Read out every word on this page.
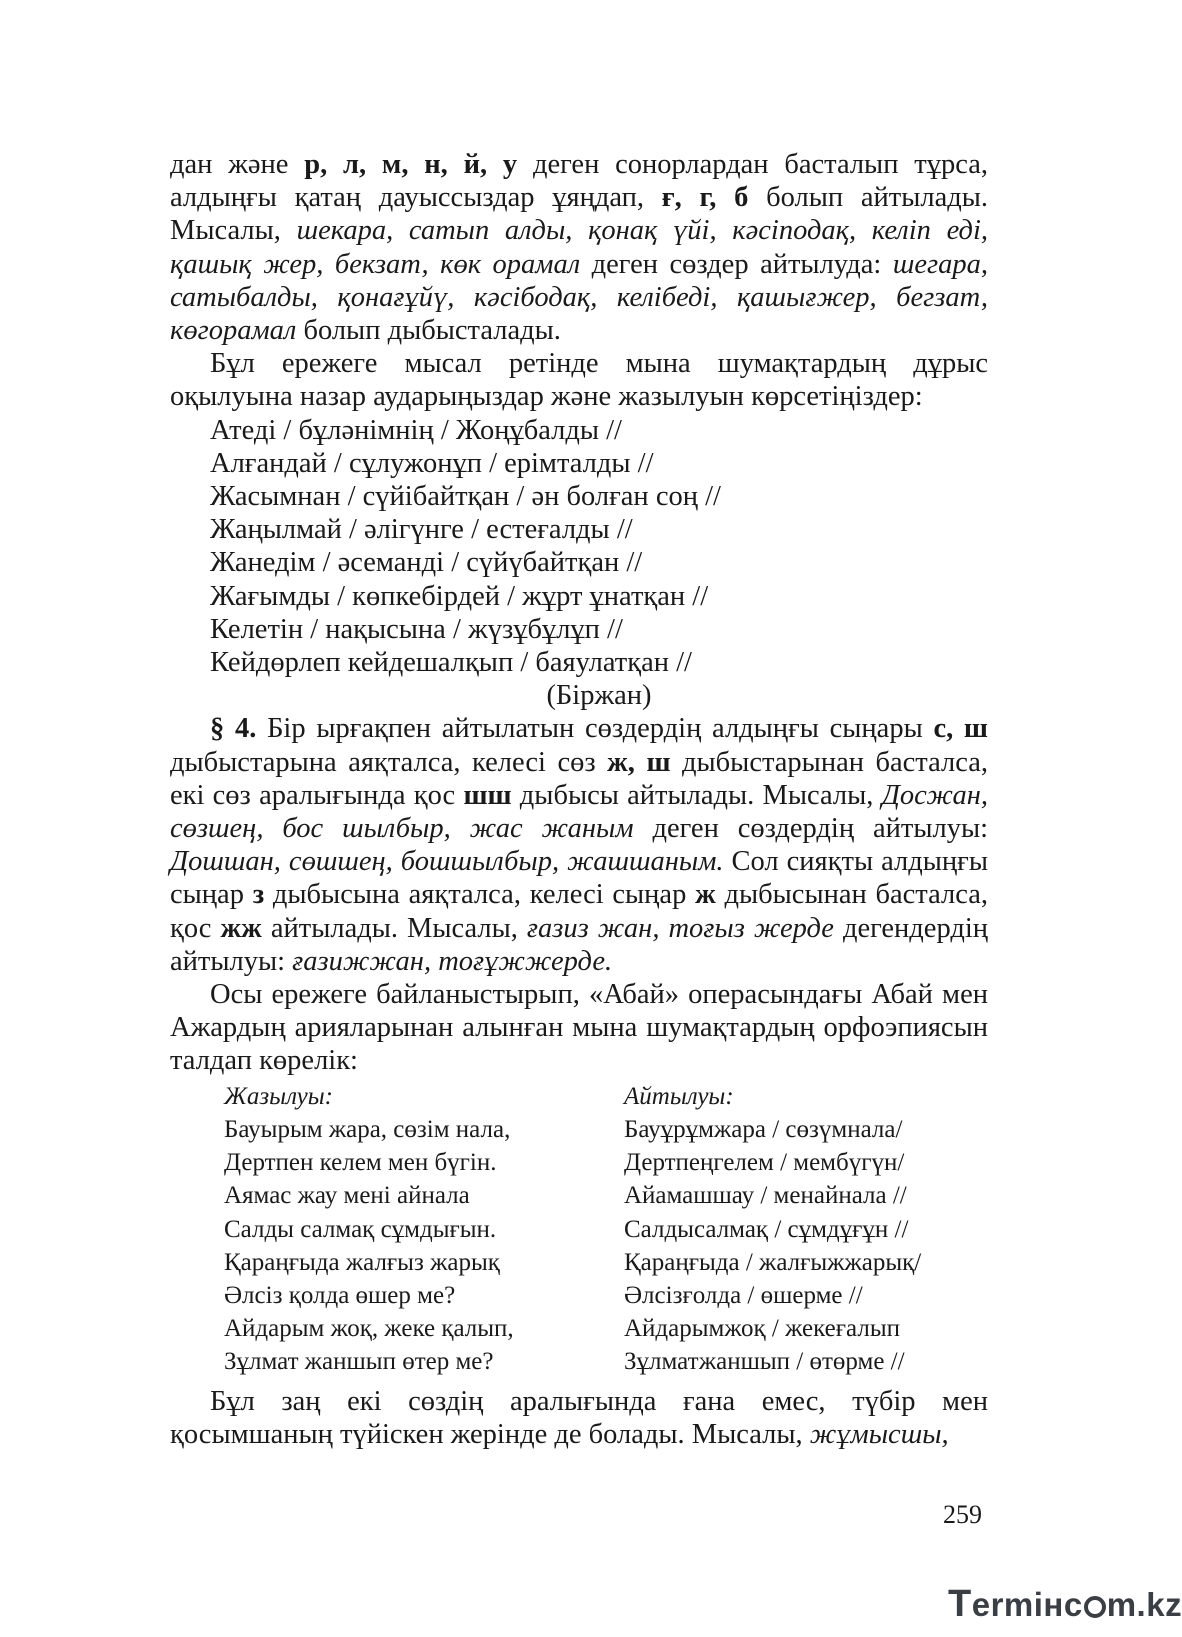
дан және р, л, м, н, й, у деген сонорлардан басталып тұрса, алдыңғы қатаң дауыссыздар ұяңдап, ғ, г, б болып айтылады. Мысалы, шекара, сатып алды, қонақ үйі, кәсіподақ, келіп еді, қашық жер, бекзат, көк орамал деген сөздер айтылуда: шегара, сатыбалды, қонағұйү, кәсібодақ, келібеді, қашығжер, бегзат, көгорамал болып дыбысталады.

Бұл ережеге мысал ретінде мына шумақтардың дұрыс оқылуына назар аударыңыздар және жазылуын көрсетіңіздер:

Атеді / бұләнімнің / Жоңұбалды //
Алғандай / сұлужонұп / ерімталды //
Жасымнан / сүйібайтқан / ән болған соң //
Жаңылмай / әлігүнге / естеғалды //
Жанедім / әсеманді / сүйүбайтқан //
Жағымды / көпкебірдей / жұрт ұнатқан //
Келетін / нақысына / жүзұбұлұп //
Кейдөрлеп кейдешалқып / баяулатқан //
(Біржан)

§ 4. Бір ырғақпен айтылатын сөздердің алдыңғы сыңары с, ш дыбыстарына аяқталса, келесі сөз ж, ш дыбыстарынан басталса, екі сөз аралығында қос шш дыбысы айтылады. Мысалы, Досжан, сөзшең, бос шылбыр, жас жаным деген сөздердің айтылуы: Дошшан, сөшшең, бошшылбыр, жашшаным. Сол сияқты алдыңғы сыңар з дыбысына аяқталса, келесі сыңар ж дыбысынан басталса, қос жж айтылады. Мысалы, ғазиз жан, тоғыз жерде дегендердің айтылуы: ғазижжан, тоғұжжерде.

Осы ережеге байланыстырып, «Абай» операсындағы Абай мен Ажардың арияларынан алынған мына шумақтардың орфоэпиясын талдап көрелік:

Жазылуы:	Айтылуы:
Бауырым жара, сөзім нала,	Бауұрұмжара / сөзүмнала/
Дертпен келем мен бүгін.	Дертпеңгелем / мембүгүн/
Аямас жау мені айнала	Айамашшау / менайнала //
Салды салмақ сұмдығын.	Салдысалмақ / сұмдұғұн //
Қараңғыда жалғыз жарық	Қараңғыда / жалғыжжарық/
Әлсіз қолда өшер ме?	Әлсізғолда / өшерме //
Айдарым жоқ, жеке қалып,	Айдарымжоқ / жекеғалып
Зұлмат жаншып өтер ме?	Зұлматжаншып / өтөрме //

Бұл заң екі сөздің аралығында ғана емес, түбір мен қосымшаның түйіскен жерінде де болады. Мысалы, жұмысшы,

259
Termінс m.kz
